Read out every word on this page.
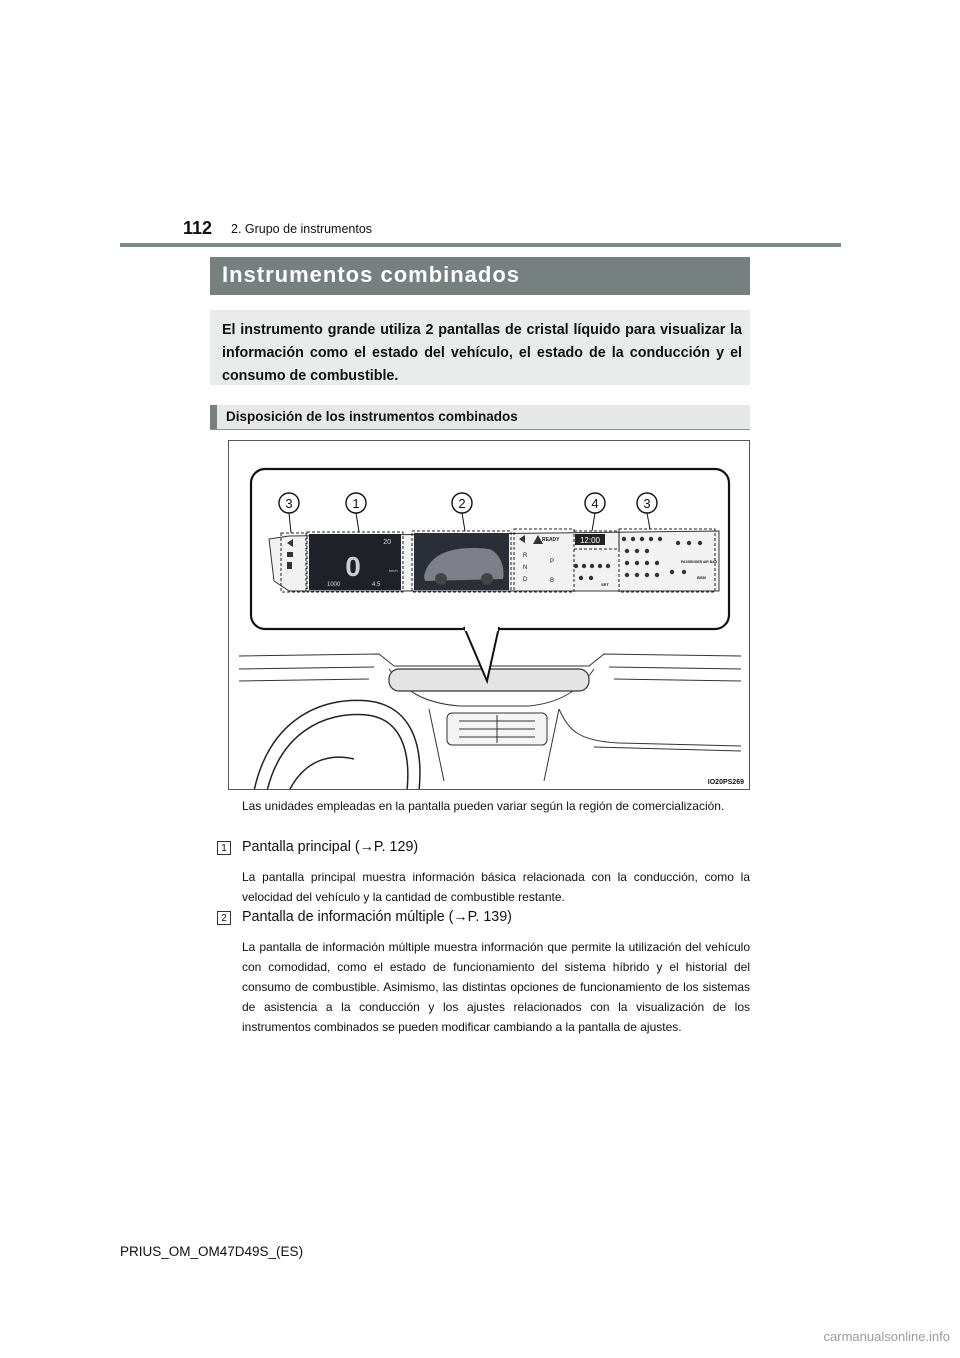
112 2. Grupo de instrumentos
Instrumentos combinados
El instrumento grande utiliza 2 pantallas de cristal líquido para visualizar la información como el estado del vehículo, el estado de la conducción y el consumo de combustible.
Disposición de los instrumentos combinados
20
0	km/h
1000	4.5
READY	12:00
R
N
D
P
B
PASSENGER AIR BAG
BSM
SET
3	1	2	4	3
IO20PS269
Las unidades empleadas en la pantalla pueden variar según la región de comercialización.
1 Pantalla principal (→P. 129)
La pantalla principal muestra información básica relacionada con la conducción, como la velocidad del vehículo y la cantidad de combustible restante.
2 Pantalla de información múltiple (→P. 139)
La pantalla de información múltiple muestra información que permite la utilización del vehículo con comodidad, como el estado de funcionamiento del sistema híbrido y el historial del consumo de combustible. Asimismo, las distintas opciones de funcionamiento de los sistemas de asistencia a la conducción y los ajustes relacionados con la visualización de los instrumentos combinados se pueden modificar cambiando a la pantalla de ajustes.
PRIUS_OM_OM47D49S_(ES)
carmanualsonline.info
